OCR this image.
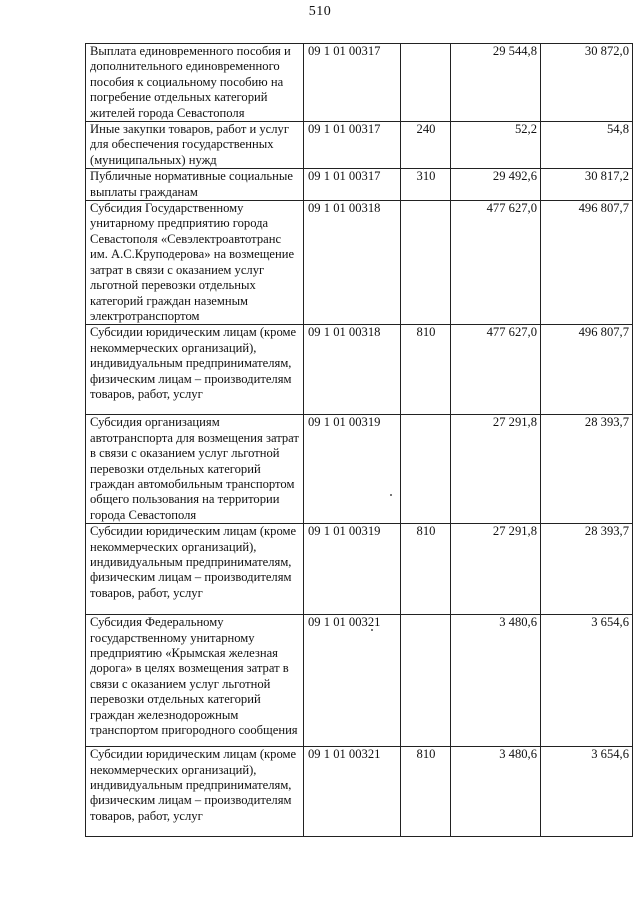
510
Выплата единовременного пособия и дополнительного единовременного пособия к социальному пособию на погребение отдельных категорий жителей города Севастополя	09 1 01 00317		29 544,8	30 872,0

Иные закупки товаров, работ и услуг для обеспечения государственных (муниципальных) нужд	09 1 01 00317	240	52,2	54,8

Публичные нормативные социальные выплаты гражданам	09 1 01 00317	310	29 492,6	30 817,2

Субсидия Государственному унитарному предприятию города Севастополя «Севэлектроавтотранс им. А.С.Круподерова» на возмещение затрат в связи с оказанием услуг льготной перевозки отдельных категорий граждан наземным электротранспортом	09 1 01 00318		477 627,0	496 807,7

Субсидии юридическим лицам (кроме некоммерческих организаций), индивидуальным предпринимателям, физическим лицам – производителям товаров, работ, услуг	09 1 01 00318	810	477 627,0	496 807,7

Субсидия организациям автотранспорта для возмещения затрат в связи с оказанием услуг льготной перевозки отдельных категорий граждан автомобильным транспортом общего пользования на территории города Севастополя	09 1 01 00319		27 291,8	28 393,7

Субсидии юридическим лицам (кроме некоммерческих организаций), индивидуальным предпринимателям, физическим лицам – производителям товаров, работ, услуг	09 1 01 00319	810	27 291,8	28 393,7

Субсидия Федеральному государственному унитарному предприятию «Крымская железная дорога» в целях возмещения затрат в связи с оказанием услуг льготной перевозки отдельных категорий граждан железнодорожным транспортом пригородного сообщения	09 1 01 00321		3 480,6	3 654,6

Субсидии юридическим лицам (кроме некоммерческих организаций), индивидуальным предпринимателям, физическим лицам – производителям товаров, работ, услуг	09 1 01 00321	810	3 480,6	3 654,6
